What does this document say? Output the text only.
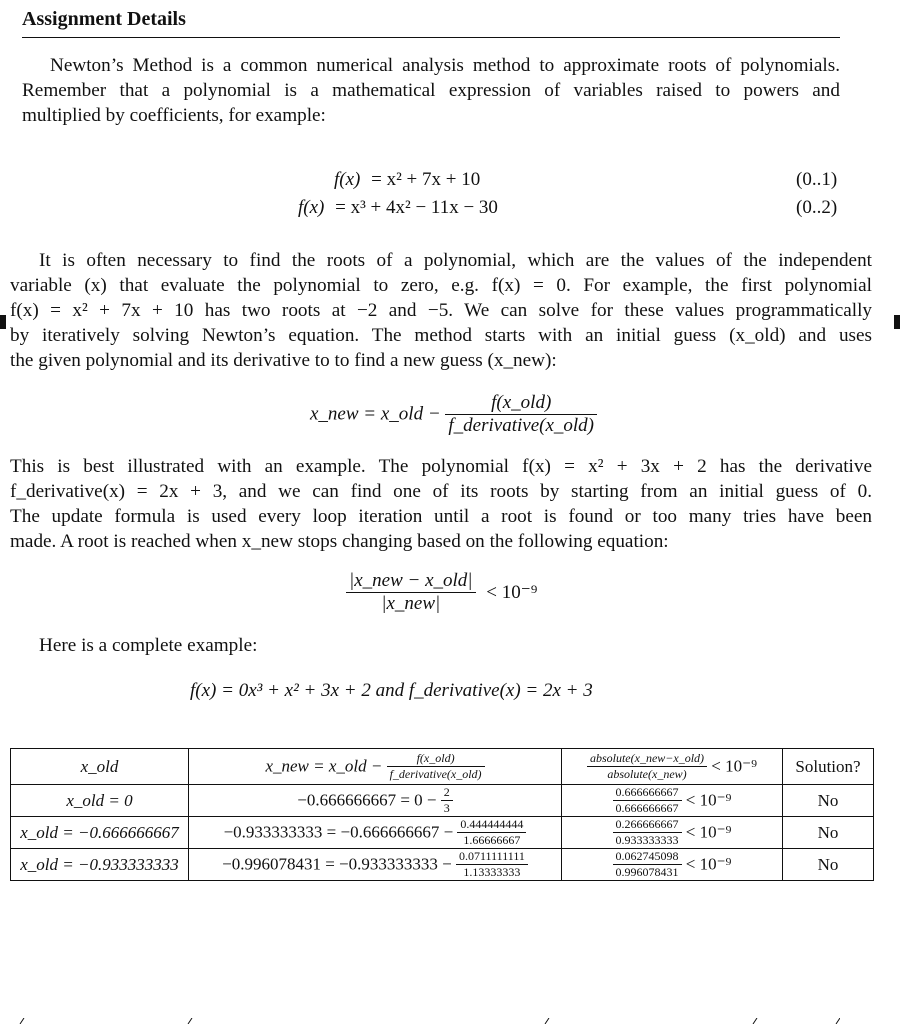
Assignment Details
Newton’s Method is a common numerical analysis method to approximate roots of polynomials.
Remember that a polynomial is a mathematical expression of variables raised to powers and
multiplied by coefficients, for example:
f(x) = x² + 7x + 10	(0..1)
f(x) = x³ + 4x² − 11x − 30	(0..2)
It is often necessary to find the roots of a polynomial, which are the values of the independent
variable (x) that evaluate the polynomial to zero, e.g. f(x) = 0. For example, the first polynomial
f(x) = x² + 7x + 10 has two roots at −2 and −5. We can solve for these values programmatically
by iteratively solving Newton’s equation. The method starts with an initial guess (x_old) and uses
the given polynomial and its derivative to to find a new guess (x_new):
x_new = x_old − $\frac{\text{f(x\_old)}}{\text{f\_derivative(x\_old)}}$
This is best illustrated with an example. The polynomial f(x) = x² + 3x + 2 has the derivative
f_derivative(x) = 2x + 3, and we can find one of its roots by starting from an initial guess of 0.
The update formula is used every loop iteration until a root is found or too many tries have been
made. A root is reached when x_new stops changing based on the following equation:
$\frac{\text{|x\_new − x\_old|}}{\text{|x\_new|}} < 10^{-9}$
Here is a complete example:
f(x) = 0x³ + x² + 3x + 2 and f_derivative(x) = 2x + 3
x_old	x_new = x_old − $\frac{\text{f(x\_old)}}{\text{f\_derivative(x\_old)}}$	$\frac{\text{absolute(x\_new−x\_old)}}{\text{absolute(x\_new)}} < 10^{-9}$	Solution?
x_old = 0	$-0.666666667 = 0 - \frac{2}{3}$	$\frac{0.666666667}{0.666666667} < 10^{-9}$	No
x_old = −0.666666667	$-0.933333333 = -0.666666667 - \frac{0.444444444}{1.66666667}$	$\frac{0.266666667}{0.933333333} < 10^{-9}$	No
x_old = −0.933333333	$-0.996078431 = -0.933333333 - \frac{0.0711111111}{1.13333333}$	$\frac{0.062745098}{0.996078431} < 10^{-9}$	No
